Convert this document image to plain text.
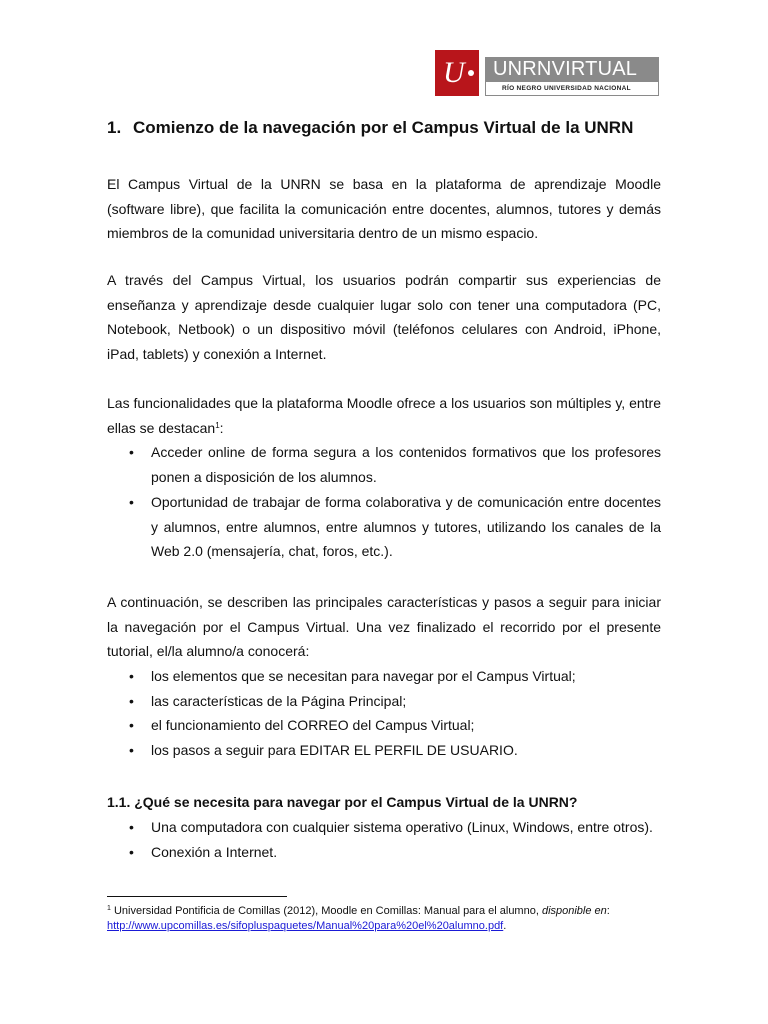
U	UNRNVIRTUAL
RÍO NEGRO UNIVERSIDAD NACIONAL
1. Comienzo de la navegación por el Campus Virtual de la UNRN

El Campus Virtual de la UNRN se basa en la plataforma de aprendizaje Moodle (software libre), que facilita la comunicación entre docentes, alumnos, tutores y demás miembros de la comunidad universitaria dentro de un mismo espacio.

A través del Campus Virtual, los usuarios podrán compartir sus experiencias de enseñanza y aprendizaje desde cualquier lugar solo con tener una computadora (PC, Notebook, Netbook) o un dispositivo móvil (teléfonos celulares con Android, iPhone, iPad, tablets) y conexión a Internet.

Las funcionalidades que la plataforma Moodle ofrece a los usuarios son múltiples y, entre ellas se destacan$^1$:

• Acceder online de forma segura a los contenidos formativos que los profesores ponen a disposición de los alumnos.
• Oportunidad de trabajar de forma colaborativa y de comunicación entre docentes y alumnos, entre alumnos, entre alumnos y tutores, utilizando los canales de la Web 2.0 (mensajería, chat, foros, etc.).

A continuación, se describen las principales características y pasos a seguir para iniciar la navegación por el Campus Virtual. Una vez finalizado el recorrido por el presente tutorial, el/la alumno/a conocerá:

• los elementos que se necesitan para navegar por el Campus Virtual;
• las características de la Página Principal;
• el funcionamiento del CORREO del Campus Virtual;
• los pasos a seguir para EDITAR EL PERFIL DE USUARIO.
1.1. ¿Qué se necesita para navegar por el Campus Virtual de la UNRN?
• Una computadora con cualquier sistema operativo (Linux, Windows, entre otros).
• Conexión a Internet.

$^1$ Universidad Pontificia de Comillas (2012), Moodle en Comillas: Manual para el alumno, disponible en:
http://www.upcomillas.es/sifopluspaquetes/Manual%20para%20el%20alumno.pdf.
